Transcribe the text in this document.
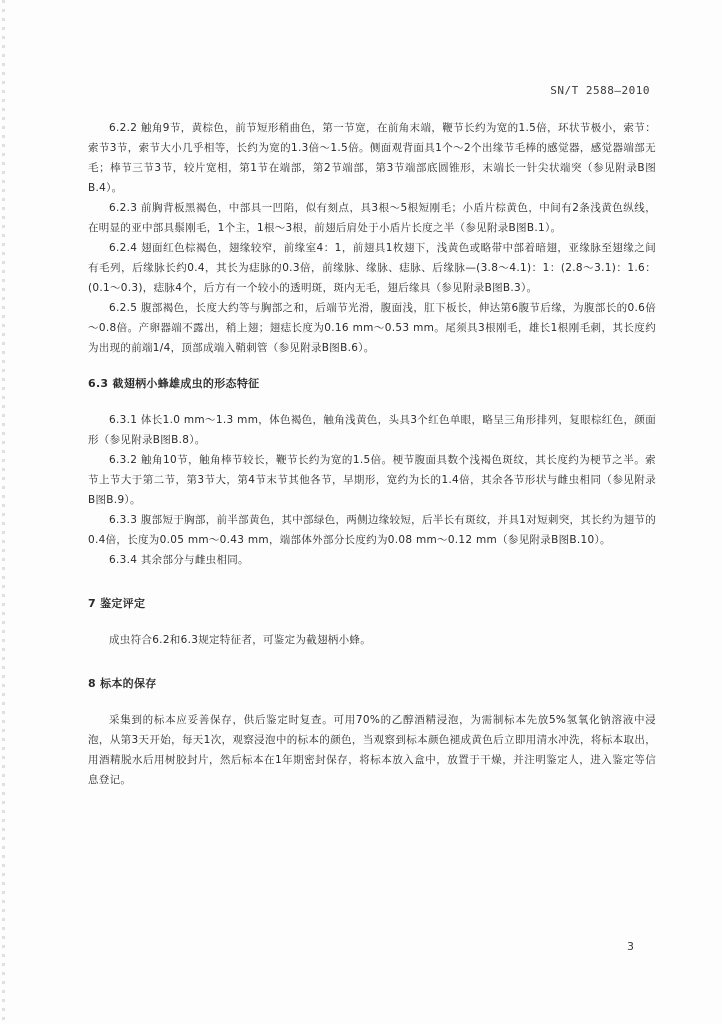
SN/T 2588—2010

6.2.2 触角9节，黄棕色，前节短形稍曲色，第一节宽，在前角末端，鞭节长约为宽的1.5倍，环状节极小，索节：索节3节，索节大小几乎相等，长约为宽的1.3倍～1.5倍。侧面观背面具1个～2个出缘节毛棒的感觉器，感觉器端部无毛；棒节三节3节，较片宽相，第1节在端部，第2节端部，第3节端部底圆锥形，末端长一针尖状端突（参见附录B图B.4）。

6.2.3 前胸背板黑褐色，中部具一凹陷，似有刻点，具3根～5根短刚毛；小盾片棕黄色，中间有2条浅黄色纵线，在明显的亚中部具鬃刚毛，1个主，1根～3根，前翅后肩处于小盾片长度之半（参见附录B图B.1）。

6.2.4 翅面红色棕褐色，翅缘较窄，前缘室4：1，前翅具1枚翅下，浅黄色或略带中部着暗翅，亚缘脉至翅缘之间有毛列，后缘脉长约0.4，其长为痣脉的0.3倍，前缘脉、缘脉、痣脉、后缘脉—(3.8～4.1)：1：(2.8～3.1)：1.6：(0.1～0.3)，痣脉4个，后方有一个较小的透明斑，斑内无毛，翅后缘具（参见附录B图B.3）。

6.2.5 腹部褐色，长度大约等与胸部之和，后端节光滑，腹面浅，肛下板长，伸达第6腹节后缘，为腹部长的0.6倍～0.8倍。产卵器端不露出，稍上翅；翅痣长度为0.16 mm～0.53 mm。尾须具3根刚毛，雄长1根刚毛刺，其长度约为出现的前端1/4，顶部成端入鞘刺管（参见附录B图B.6）。

6.3 截翅柄小蜂雄成虫的形态特征

6.3.1 体长1.0 mm～1.3 mm，体色褐色，触角浅黄色，头具3个红色单眼，略呈三角形排列，复眼棕红色，颜面形（参见附录B图B.8）。

6.3.2 触角10节，触角棒节较长，鞭节长约为宽的1.5倍。梗节腹面具数个浅褐色斑纹，其长度约为梗节之半。索节上节大于第二节，第3节大，第4节末节其他各节，早期形，宽约为长的1.4倍，其余各节形状与雌虫相同（参见附录B图B.9）。

6.3.3 腹部短于胸部，前半部黄色，其中部绿色，两侧边缘较短，后半长有斑纹，并具1对短刺突，其长约为翅节的0.4倍，长度为0.05 mm～0.43 mm，端部体外部分长度约为0.08 mm～0.12 mm（参见附录B图B.10）。

6.3.4 其余部分与雌虫相同。

7 鉴定评定

成虫符合6.2和6.3规定特征者，可鉴定为截翅柄小蜂。

8 标本的保存

采集到的标本应妥善保存，供后鉴定时复查。可用70%的乙醇酒精浸泡，为需制标本先放5%氢氧化钠溶液中浸泡，从第3天开始，每天1次，观察浸泡中的标本的颜色，当观察到标本颜色褪成黄色后立即用清水冲洗，将标本取出，用酒精脱水后用树胶封片，然后标本在1年期密封保存，将标本放入盒中，放置于干燥，并注明鉴定人，进入鉴定等信息登记。

3
